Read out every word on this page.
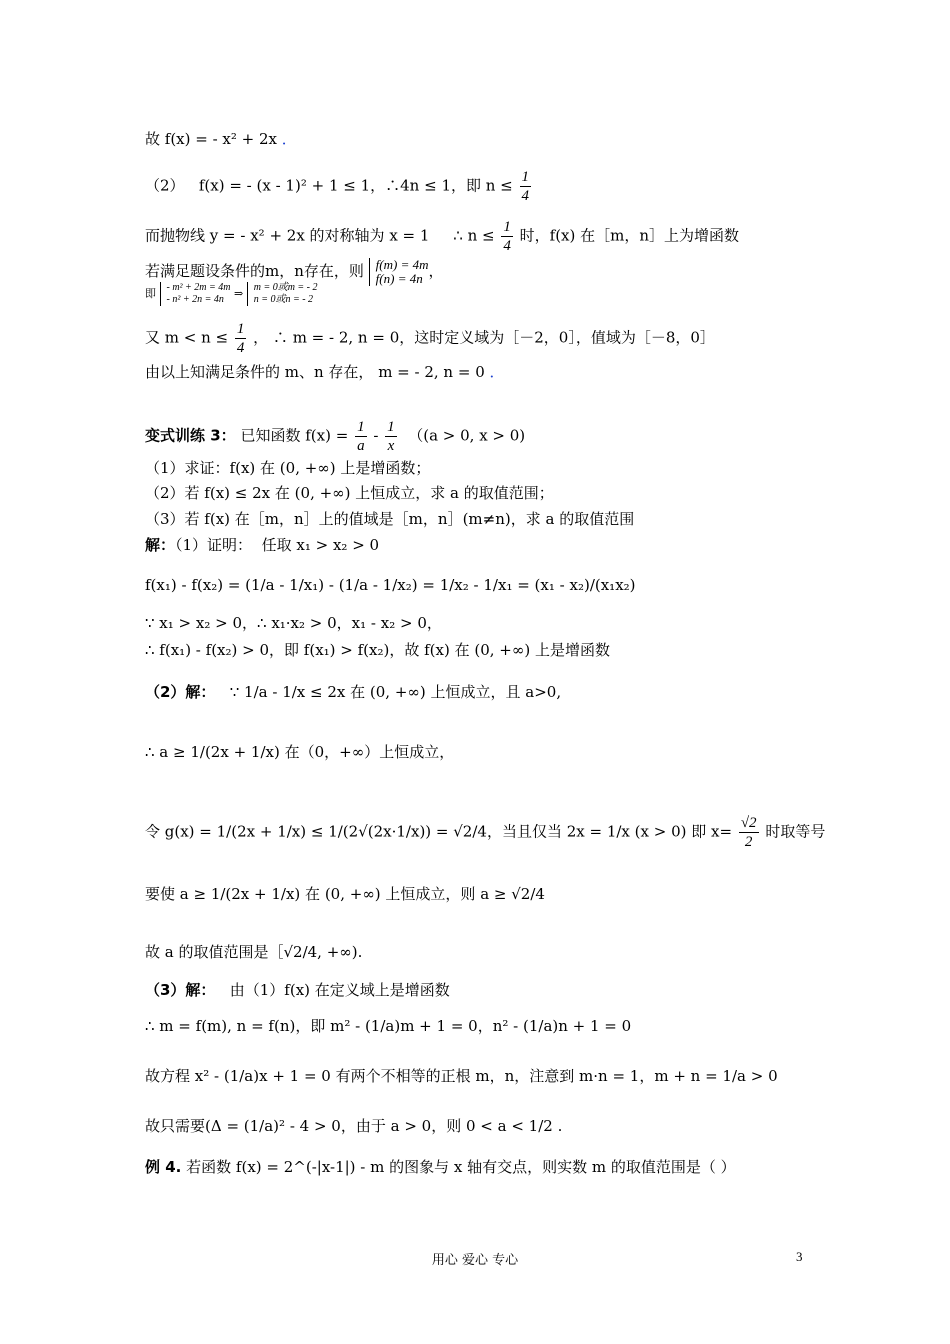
故 f(x) = - x² + 2x ．
（2） f(x) = - (x - 1)² + 1 ≤ 1，∴4n ≤ 1，即 $n \le \frac{1}{4}$
而抛物线 y = - x² + 2x 的对称轴为 x = 1 ∴ $n \le \frac{1}{4}$ 时，f(x) 在［m，n］上为增函数
若满足题设条件的m，n存在，则 f(m) = 4m
f(n) = 4n ，
即 - m² + 2m = 4m
- n² + 2n = 4n ⇒ m = 0或m = - 2
n = 0或n = - 2
又 $m < n \le \frac{1}{4}$ ， ∴ m = - 2, n = 0，这时定义域为［－2，0］，值域为［－8，0］
由以上知满足条件的 m、n 存在， m = - 2, n = 0 ．
变式训练 3： 已知函数 $f(x) = \frac{1}{a} - \frac{1}{x} ((a > 0$, x > 0)
（1）求证：f(x) 在 (0, +∞) 上是增函数；
（2）若 f(x) ≤ 2x 在 (0, +∞) 上恒成立，求 a 的取值范围；
（3）若 f(x) 在［m，n］上的值域是［m，n］(m≠n)，求 a 的取值范围
解：（1）证明： 任取 x₁ > x₂ > 0
f(x₁) - f(x₂) = (1/a - 1/x₁) - (1/a - 1/x₂) = 1/x₂ - 1/x₁ = (x₁ - x₂)/(x₁x₂)
∵ x₁ > x₂ > 0，∴ x₁·x₂ > 0，x₁ - x₂ > 0，
∴ f(x₁) - f(x₂) > 0，即 f(x₁) > f(x₂)，故 f(x) 在 (0, +∞) 上是增函数
（2）解： ∵ 1/a - 1/x ≤ 2x 在 (0, +∞) 上恒成立，且 a>0,
∴ a ≥ 1/(2x + 1/x) 在（0，+∞）上恒成立，
令 g(x) = 1/(2x + 1/x) ≤ 1/(2√(2x·1/x)) = √2/4，当且仅当 2x = 1/x (x > 0) 即 $x= \frac{√2}{2}$ 时取等号
要使 a ≥ 1/(2x + 1/x) 在 (0, +∞) 上恒成立，则 a ≥ √2/4
故 a 的取值范围是［√2/4, +∞).
（3）解： 由（1）f(x) 在定义域上是增函数
∴ m = f(m), n = f(n)，即 m² - (1/a)m + 1 = 0，n² - (1/a)n + 1 = 0
故方程 x² - (1/a)x + 1 = 0 有两个不相等的正根 m，n，注意到 m·n = 1，m + n = 1/a > 0
故只需要(Δ = (1/a)² - 4 > 0，由于 a > 0，则 0 < a < 1/2 .
例 4. 若函数 f(x) = 2^(-|x-1|) - m 的图象与 x 轴有交点，则实数 m 的取值范围是（ ）
用心 爱心 专心	3
